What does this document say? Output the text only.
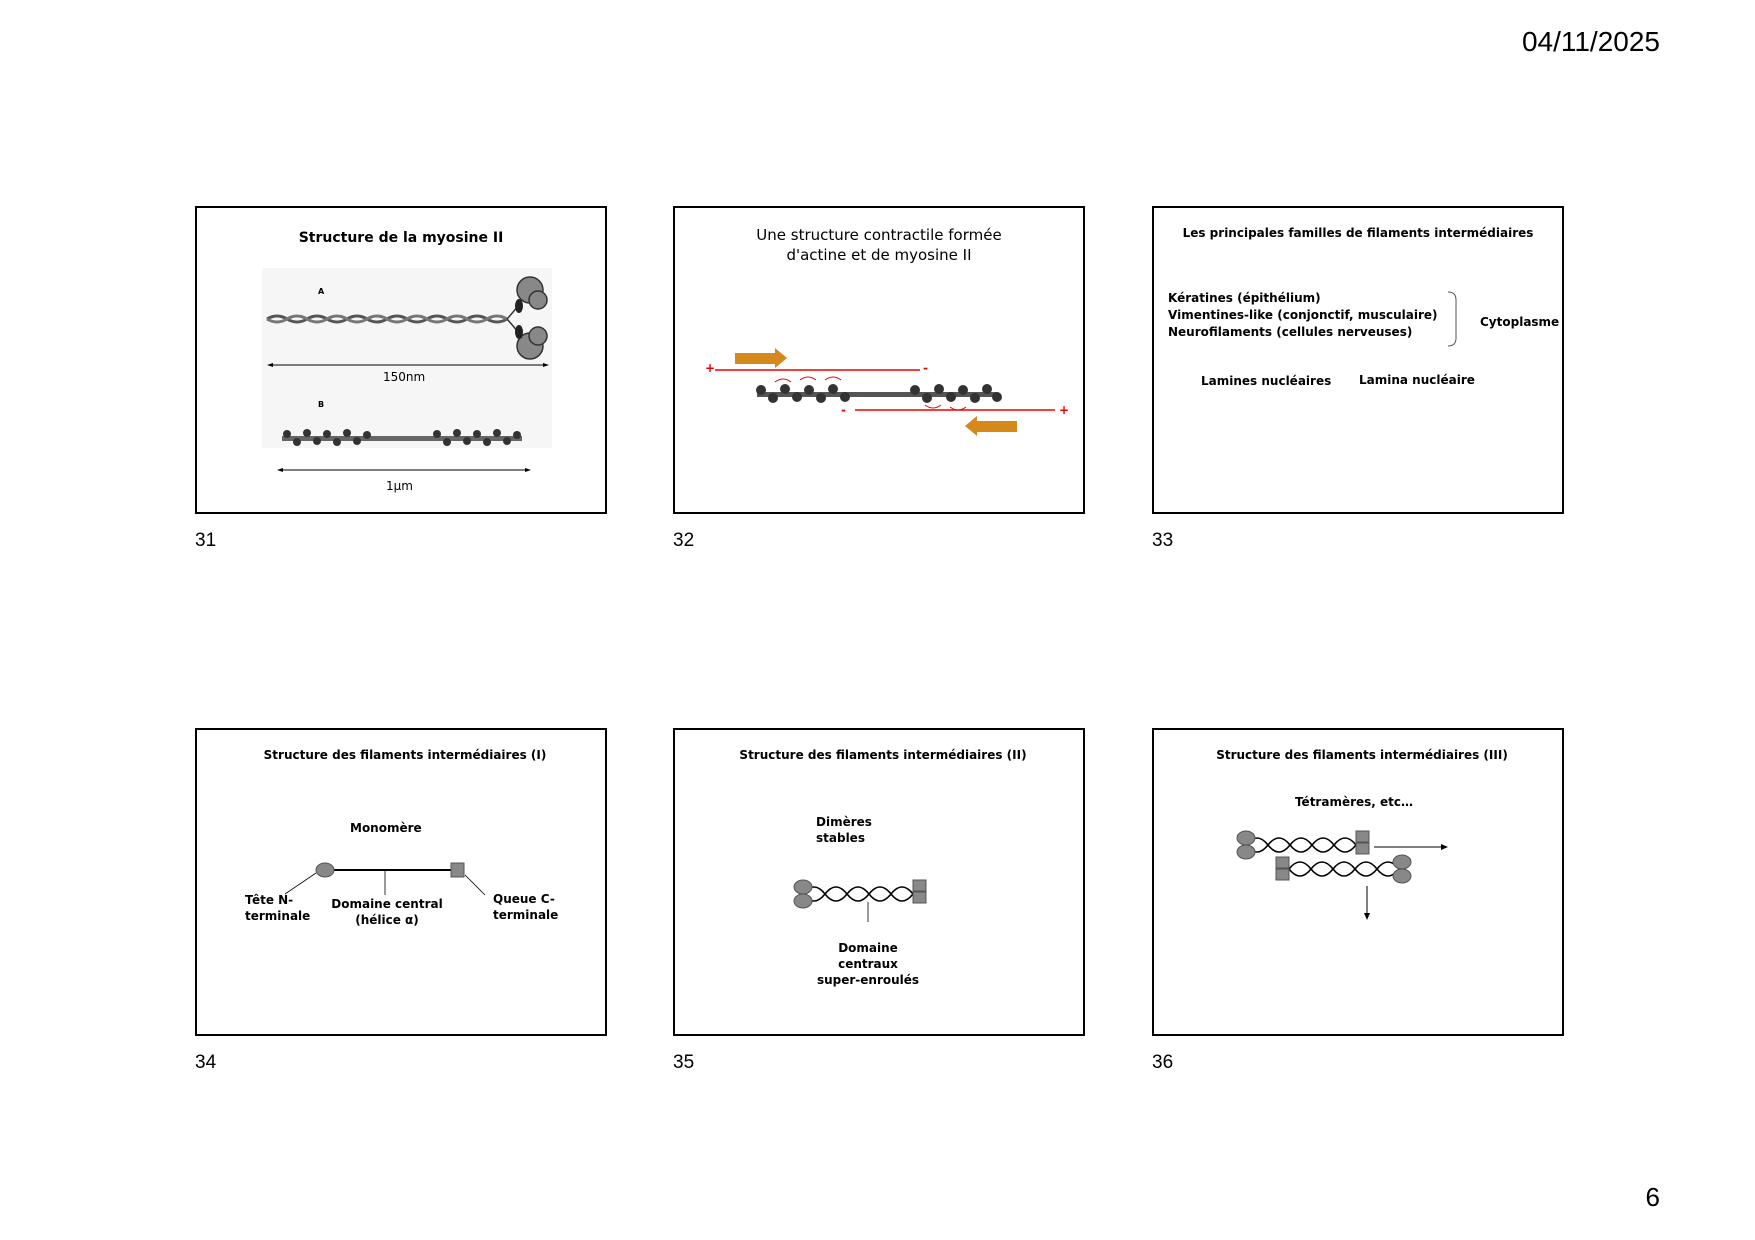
04/11/2025
Structure de la myosine II
A
B
150nm
1μm
31
Une structure contractile formée
d'actine et de myosine II
+	-
-	+
32
Les principales familles de filaments intermédiaires
Kératines (épithélium)
Vimentines-like (conjonctif, musculaire)
Neurofilaments (cellules nerveuses)
Cytoplasme
Lamines nucléaires Lamina nucléaire
33
Structure des filaments intermédiaires (I)
Monomère
Tête N-
terminale
Domaine central
(hélice α)
Queue C-
terminale
34
Structure des filaments intermédiaires (II)
Dimères
stables
Domaine
centraux
super-enroulés
35
Structure des filaments intermédiaires (III)
Tétramères, etc…
36
6
